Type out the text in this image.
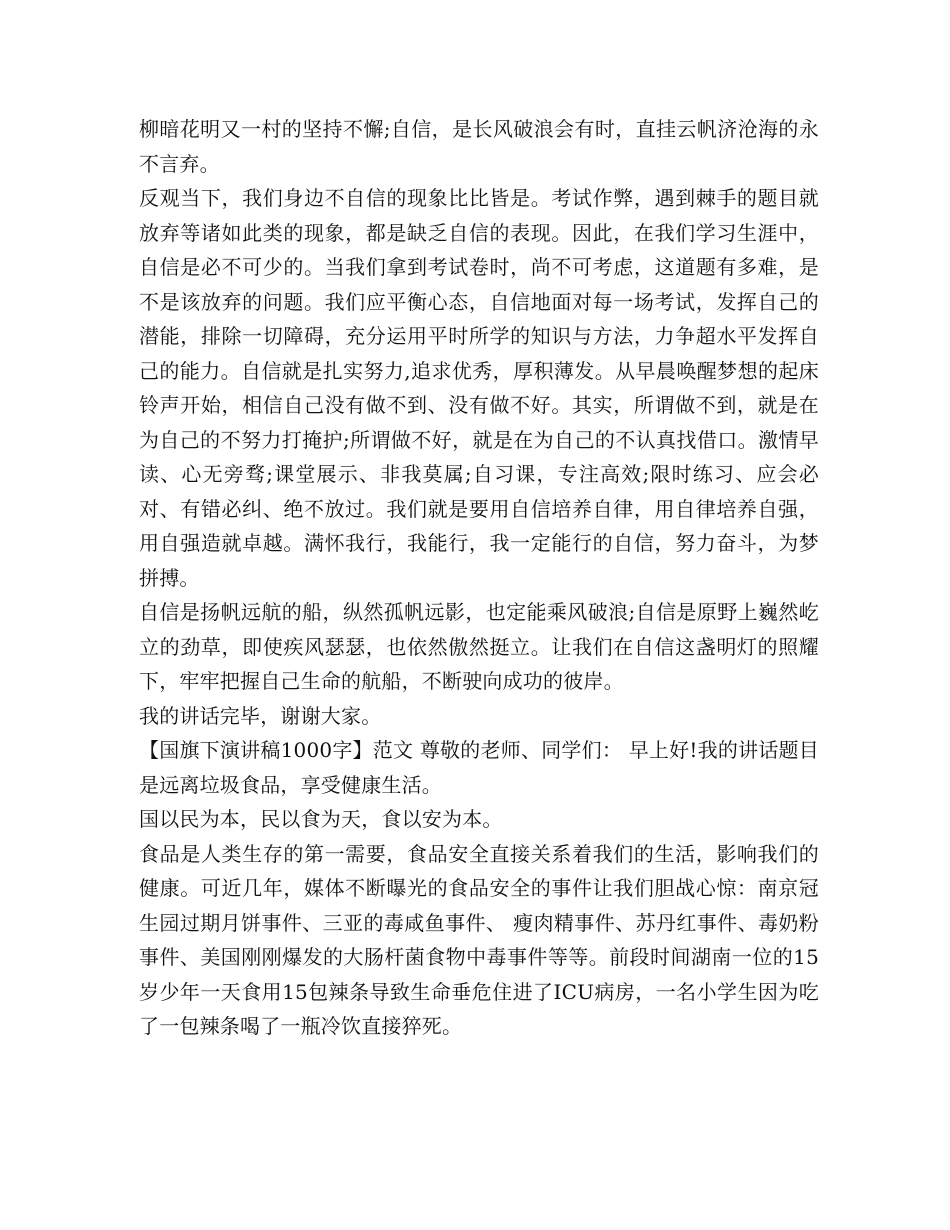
柳暗花明又一村的坚持不懈;自信，是长风破浪会有时，直挂云帆济沧海的永不言弃。

反观当下，我们身边不自信的现象比比皆是。考试作弊，遇到棘手的题目就放弃等诸如此类的现象，都是缺乏自信的表现。因此，在我们学习生涯中，自信是必不可少的。当我们拿到考试卷时，尚不可考虑，这道题有多难，是不是该放弃的问题。我们应平衡心态，自信地面对每一场考试，发挥自己的潜能，排除一切障碍，充分运用平时所学的知识与方法，力争超水平发挥自己的能力。自信就是扎实努力,追求优秀，厚积薄发。从早晨唤醒梦想的起床铃声开始，相信自己没有做不到、没有做不好。其实，所谓做不到，就是在为自己的不努力打掩护;所谓做不好，就是在为自己的不认真找借口。激情早读、心无旁骛;课堂展示、非我莫属;自习课，专注高效;限时练习、应会必对、有错必纠、绝不放过。我们就是要用自信培养自律，用自律培养自强，用自强造就卓越。满怀我行，我能行，我一定能行的自信，努力奋斗，为梦拼搏。

自信是扬帆远航的船，纵然孤帆远影，也定能乘风破浪;自信是原野上巍然屹立的劲草，即使疾风瑟瑟，也依然傲然挺立。让我们在自信这盏明灯的照耀下，牢牢把握自己生命的航船，不断驶向成功的彼岸。

我的讲话完毕，谢谢大家。

【国旗下演讲稿1000字】范文 尊敬的老师、同学们： 早上好!我的讲话题目是远离垃圾食品，享受健康生活。

国以民为本，民以食为天，食以安为本。

食品是人类生存的第一需要，食品安全直接关系着我们的生活，影响我们的健康。可近几年，媒体不断曝光的食品安全的事件让我们胆战心惊：南京冠生园过期月饼事件、三亚的毒咸鱼事件、 瘦肉精事件、苏丹红事件、毒奶粉事件、美国刚刚爆发的大肠杆菌食物中毒事件等等。前段时间湖南一位的15岁少年一天食用15包辣条导致生命垂危住进了ICU病房，一名小学生因为吃了一包辣条喝了一瓶冷饮直接猝死。
